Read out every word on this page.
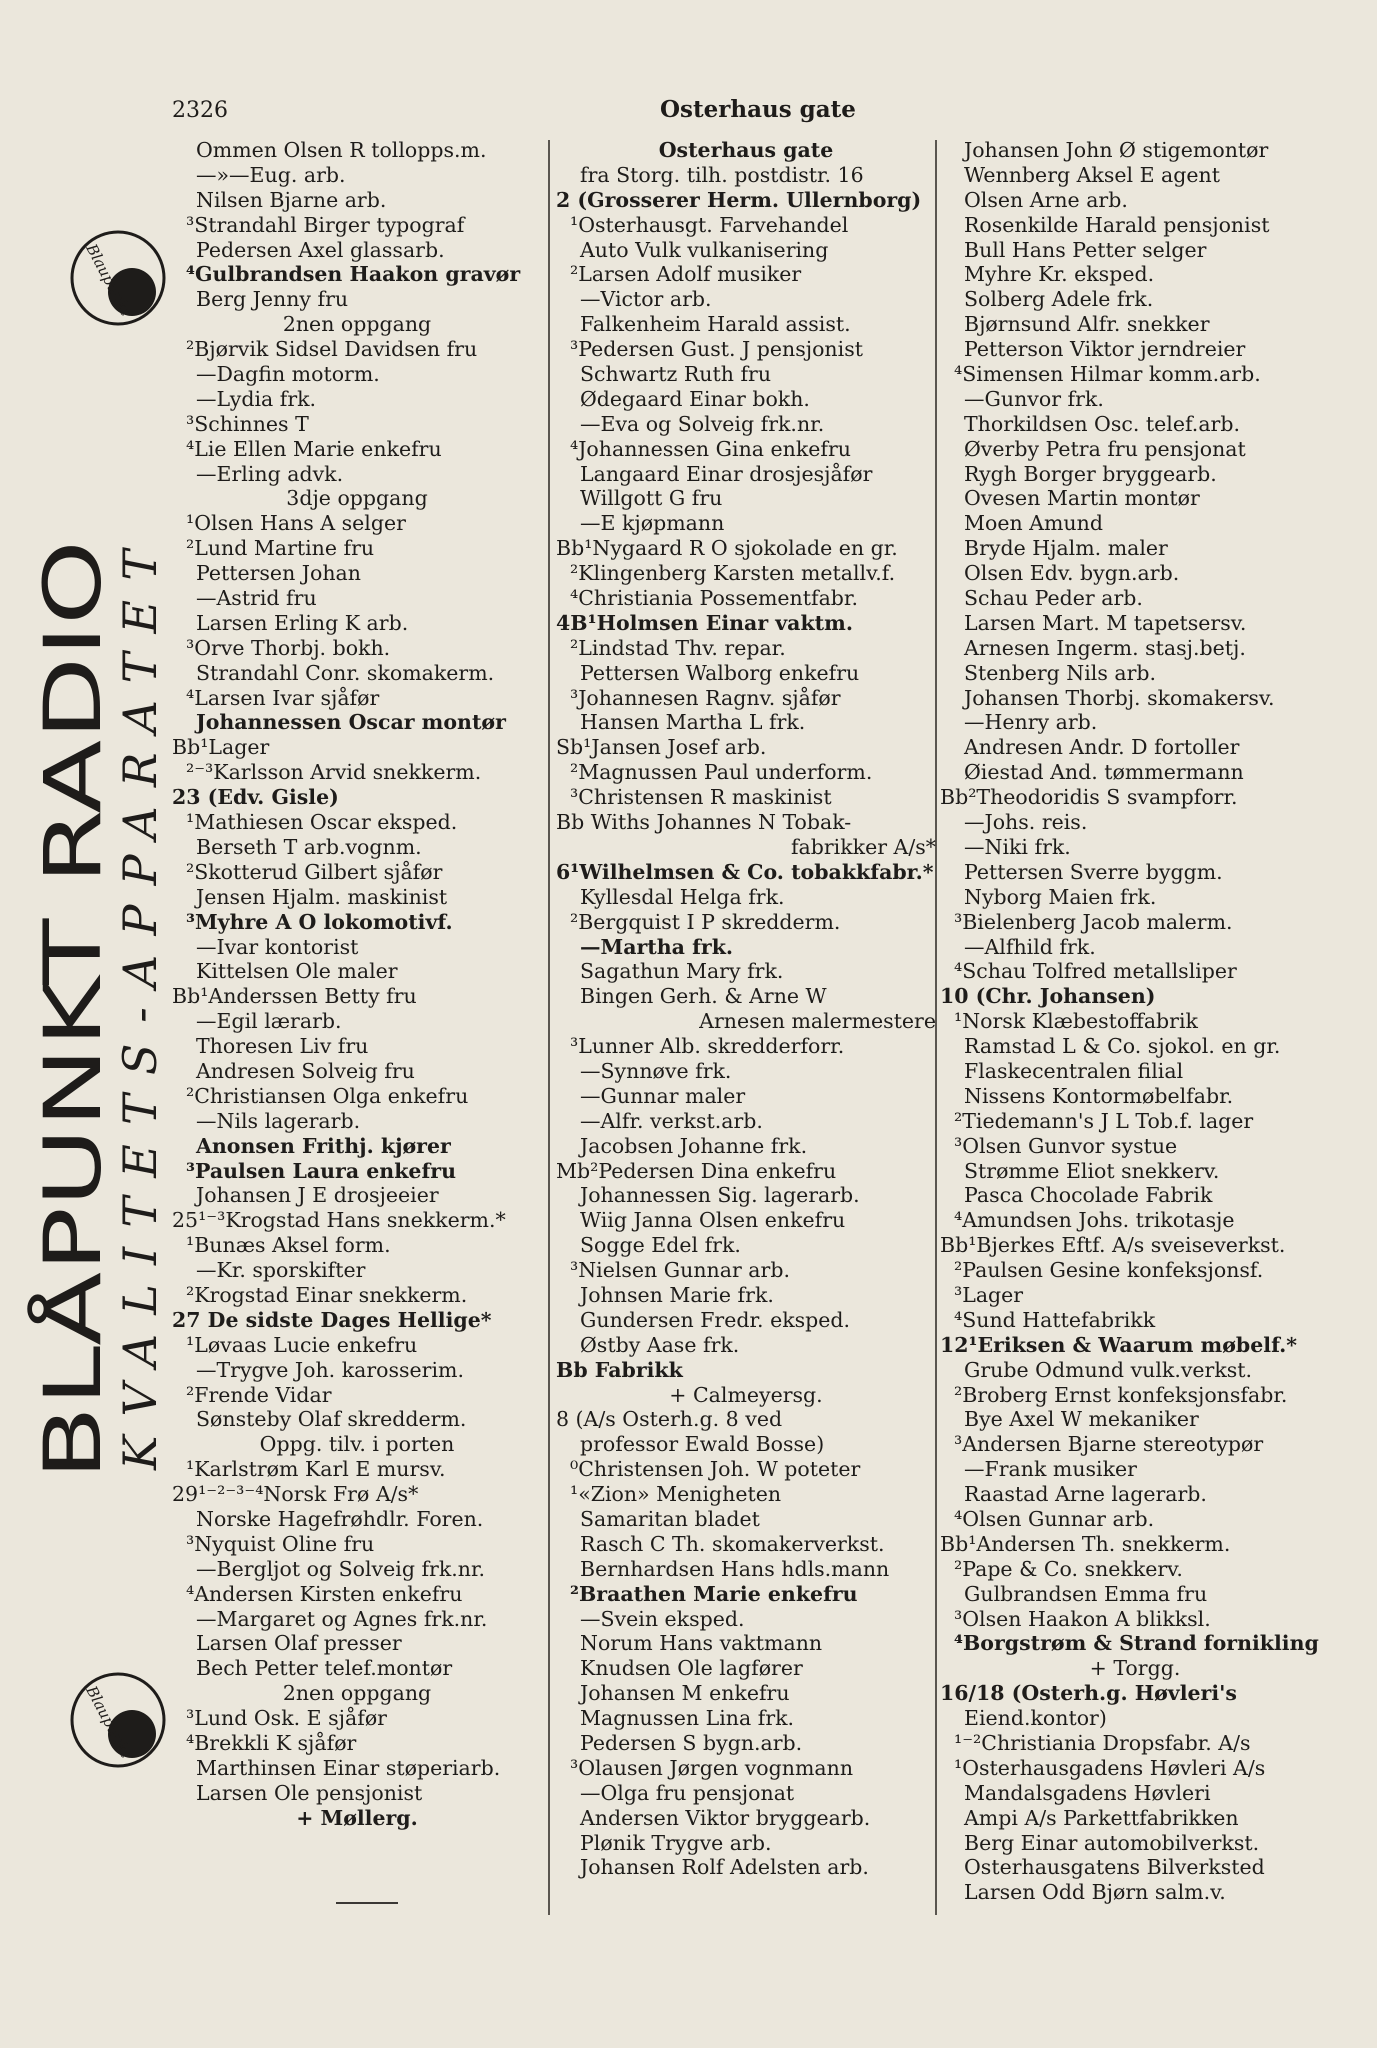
2326	Osterhaus gate
Blaupunkt
Blaupunkt
BLÅPUNKT RADIO
KVALITETS-APPARATET
Ommen Olsen R tollopps.m.
—»—Eug. arb.
Nilsen Bjarne arb.
³Strandahl Birger typograf
Pedersen Axel glassarb.
⁴Gulbrandsen Haakon gravør
Berg Jenny fru
2nen oppgang
²Bjørvik Sidsel Davidsen fru
—Dagfin motorm.
—Lydia frk.
³Schinnes T
⁴Lie Ellen Marie enkefru
—Erling advk.
3dje oppgang
¹Olsen Hans A selger
²Lund Martine fru
Pettersen Johan
—Astrid fru
Larsen Erling K arb.
³Orve Thorbj. bokh.
Strandahl Conr. skomakerm.
⁴Larsen Ivar sjåfør
Johannessen Oscar montør
Bb¹Lager
²⁻³Karlsson Arvid snekkerm.
23 (Edv. Gisle)
¹Mathiesen Oscar eksped.
Berseth T arb.vognm.
²Skotterud Gilbert sjåfør
Jensen Hjalm. maskinist
³Myhre A O lokomotivf.
—Ivar kontorist
Kittelsen Ole maler
Bb¹Anderssen Betty fru
—Egil lærarb.
Thoresen Liv fru
Andresen Solveig fru
²Christiansen Olga enkefru
—Nils lagerarb.
Anonsen Frithj. kjører
³Paulsen Laura enkefru
Johansen J E drosjeeier
25¹⁻³Krogstad Hans snekkerm.*
¹Bunæs Aksel form.
—Kr. sporskifter
²Krogstad Einar snekkerm.
27 De sidste Dages Hellige*
¹Løvaas Lucie enkefru
—Trygve Joh. karosserim.
²Frende Vidar
Sønsteby Olaf skredderm.
Oppg. tilv. i porten
¹Karlstrøm Karl E mursv.
29¹⁻²⁻³⁻⁴Norsk Frø A/s*
Norske Hagefrøhdlr. Foren.
³Nyquist Oline fru
—Bergljot og Solveig frk.nr.
⁴Andersen Kirsten enkefru
—Margaret og Agnes frk.nr.
Larsen Olaf presser
Bech Petter telef.montør
2nen oppgang
³Lund Osk. E sjåfør
⁴Brekkli K sjåfør
Marthinsen Einar støperiarb.
Larsen Ole pensjonist
+ Møllerg.
Osterhaus gate
fra Storg. tilh. postdistr. 16
2 (Grosserer Herm. Ullernborg)
¹Osterhausgt. Farvehandel
Auto Vulk vulkanisering
²Larsen Adolf musiker
—Victor arb.
Falkenheim Harald assist.
³Pedersen Gust. J pensjonist
Schwartz Ruth fru
Ødegaard Einar bokh.
—Eva og Solveig frk.nr.
⁴Johannessen Gina enkefru
Langaard Einar drosjesjåfør
Willgott G fru
—E kjøpmann
Bb¹Nygaard R O sjokolade en gr.
²Klingenberg Karsten metallv.f.
⁴Christiania Possementfabr.
4B¹Holmsen Einar vaktm.
²Lindstad Thv. repar.
Pettersen Walborg enkefru
³Johannesen Ragnv. sjåfør
Hansen Martha L frk.
Sb¹Jansen Josef arb.
²Magnussen Paul underform.
³Christensen R maskinist
Bb Withs Johannes N Tobak-
fabrikker A/s*
6¹Wilhelmsen & Co. tobakkfabr.*
Kyllesdal Helga frk.
²Bergquist I P skredderm.
—Martha frk.
Sagathun Mary frk.
Bingen Gerh. & Arne W
Arnesen malermestere
³Lunner Alb. skredderforr.
—Synnøve frk.
—Gunnar maler
—Alfr. verkst.arb.
Jacobsen Johanne frk.
Mb²Pedersen Dina enkefru
Johannessen Sig. lagerarb.
Wiig Janna Olsen enkefru
Sogge Edel frk.
³Nielsen Gunnar arb.
Johnsen Marie frk.
Gundersen Fredr. eksped.
Østby Aase frk.
Bb Fabrikk
+ Calmeyersg.
8 (A/s Osterh.g. 8 ved
professor Ewald Bosse)
⁰Christensen Joh. W poteter
¹«Zion» Menigheten
Samaritan bladet
Rasch C Th. skomakerverkst.
Bernhardsen Hans hdls.mann
²Braathen Marie enkefru
—Svein eksped.
Norum Hans vaktmann
Knudsen Ole lagfører
Johansen M enkefru
Magnussen Lina frk.
Pedersen S bygn.arb.
³Olausen Jørgen vognmann
—Olga fru pensjonat
Andersen Viktor bryggearb.
Plønik Trygve arb.
Johansen Rolf Adelsten arb.
Johansen John Ø stigemontør
Wennberg Aksel E agent
Olsen Arne arb.
Rosenkilde Harald pensjonist
Bull Hans Petter selger
Myhre Kr. eksped.
Solberg Adele frk.
Bjørnsund Alfr. snekker
Petterson Viktor jerndreier
⁴Simensen Hilmar komm.arb.
—Gunvor frk.
Thorkildsen Osc. telef.arb.
Øverby Petra fru pensjonat
Rygh Borger bryggearb.
Ovesen Martin montør
Moen Amund
Bryde Hjalm. maler
Olsen Edv. bygn.arb.
Schau Peder arb.
Larsen Mart. M tapetsersv.
Arnesen Ingerm. stasj.betj.
Stenberg Nils arb.
Johansen Thorbj. skomakersv.
—Henry arb.
Andresen Andr. D fortoller
Øiestad And. tømmermann
Bb²Theodoridis S svampforr.
—Johs. reis.
—Niki frk.
Pettersen Sverre byggm.
Nyborg Maien frk.
³Bielenberg Jacob malerm.
—Alfhild frk.
⁴Schau Tolfred metallsliper
10 (Chr. Johansen)
¹Norsk Klæbestoffabrik
Ramstad L & Co. sjokol. en gr.
Flaskecentralen filial
Nissens Kontormøbelfabr.
²Tiedemann's J L Tob.f. lager
³Olsen Gunvor systue
Strømme Eliot snekkerv.
Pasca Chocolade Fabrik
⁴Amundsen Johs. trikotasje
Bb¹Bjerkes Eftf. A/s sveiseverkst.
²Paulsen Gesine konfeksjonsf.
³Lager
⁴Sund Hattefabrikk
12¹Eriksen & Waarum møbelf.*
Grube Odmund vulk.verkst.
²Broberg Ernst konfeksjonsfabr.
Bye Axel W mekaniker
³Andersen Bjarne stereotypør
—Frank musiker
Raastad Arne lagerarb.
⁴Olsen Gunnar arb.
Bb¹Andersen Th. snekkerm.
²Pape & Co. snekkerv.
Gulbrandsen Emma fru
³Olsen Haakon A blikksl.
⁴Borgstrøm & Strand fornikling
+ Torgg.
16/18 (Osterh.g. Høvleri's
Eiend.kontor)
¹⁻²Christiania Dropsfabr. A/s
¹Osterhausgadens Høvleri A/s
Mandalsgadens Høvleri
Ampi A/s Parkettfabrikken
Berg Einar automobilverkst.
Osterhausgatens Bilverksted
Larsen Odd Bjørn salm.v.
